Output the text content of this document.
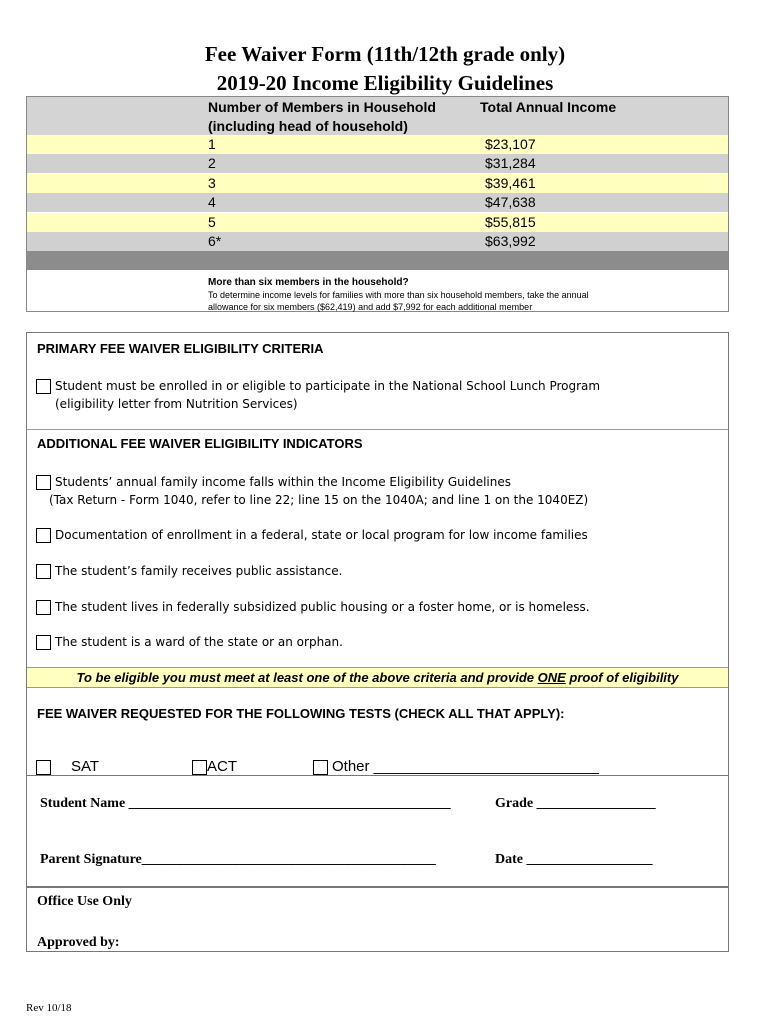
Fee Waiver Form (11th/12th grade only)
2019-20 Income Eligibility Guidelines
Number of Members in Household
(including head of household)
Total Annual Income
1	$23,107
2	$31,284
3	$39,461
4	$47,638
5	$55,815
6*	$63,992
More than six members in the household?
To determine income levels for families with more than six household members, take the annual
allowance for six members ($62,419) and add $7,992 for each additional member
PRIMARY FEE WAIVER ELIGIBILITY CRITERIA
Student must be enrolled in or eligible to participate in the National School Lunch Program
(eligibility letter from Nutrition Services)
ADDITIONAL FEE WAIVER ELIGIBILITY INDICATORS
Students’ annual family income falls within the Income Eligibility Guidelines
(Tax Return - Form 1040, refer to line 22; line 15 on the 1040A; and line 1 on the 1040EZ)
Documentation of enrollment in a federal, state or local program for low income families
The student’s family receives public assistance.
The student lives in federally subsidized public housing or a foster home, or is homeless.
The student is a ward of the state or an orphan.
To be eligible you must meet at least one of the above criteria and provide ONE proof of eligibility
FEE WAIVER REQUESTED FOR THE FOLLOWING TESTS (CHECK ALL THAT APPLY):
SAT	ACT	Other ___________________________
Student Name ______________________________________________	Grade _________________
Parent Signature__________________________________________	Date __________________
Office Use Only
Approved by:
Rev 10/18
